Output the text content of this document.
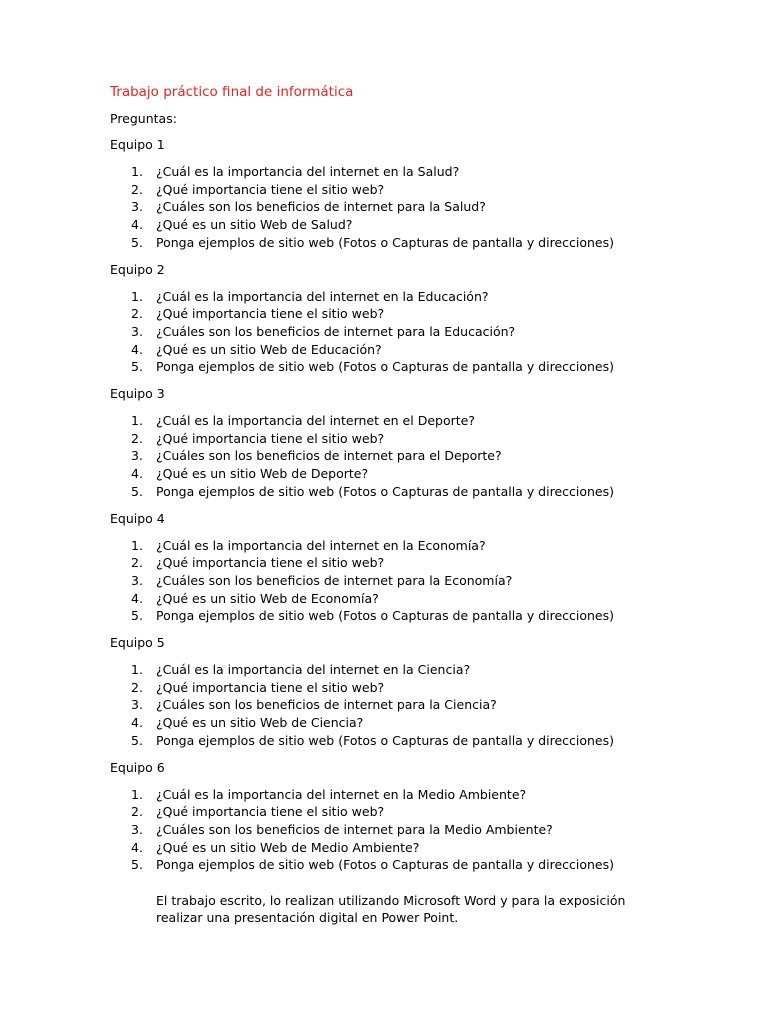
Trabajo práctico final de informática
Preguntas:
Equipo 1
1.	¿Cuál es la importancia del internet en la Salud?
2.	¿Qué importancia tiene el sitio web?
3.	¿Cuáles son los beneficios de internet para la Salud?
4.	¿Qué es un sitio Web de Salud?
5.	Ponga ejemplos de sitio web (Fotos o Capturas de pantalla y direcciones)
Equipo 2
1.	¿Cuál es la importancia del internet en la Educación?
2.	¿Qué importancia tiene el sitio web?
3.	¿Cuáles son los beneficios de internet para la Educación?
4.	¿Qué es un sitio Web de Educación?
5.	Ponga ejemplos de sitio web (Fotos o Capturas de pantalla y direcciones)
Equipo 3
1.	¿Cuál es la importancia del internet en el Deporte?
2.	¿Qué importancia tiene el sitio web?
3.	¿Cuáles son los beneficios de internet para el Deporte?
4.	¿Qué es un sitio Web de Deporte?
5.	Ponga ejemplos de sitio web (Fotos o Capturas de pantalla y direcciones)
Equipo 4
1.	¿Cuál es la importancia del internet en la Economía?
2.	¿Qué importancia tiene el sitio web?
3.	¿Cuáles son los beneficios de internet para la Economía?
4.	¿Qué es un sitio Web de Economía?
5.	Ponga ejemplos de sitio web (Fotos o Capturas de pantalla y direcciones)
Equipo 5
1.	¿Cuál es la importancia del internet en la Ciencia?
2.	¿Qué importancia tiene el sitio web?
3.	¿Cuáles son los beneficios de internet para la Ciencia?
4.	¿Qué es un sitio Web de Ciencia?
5.	Ponga ejemplos de sitio web (Fotos o Capturas de pantalla y direcciones)
Equipo 6
1.	¿Cuál es la importancia del internet en la Medio Ambiente?
2.	¿Qué importancia tiene el sitio web?
3.	¿Cuáles son los beneficios de internet para la Medio Ambiente?
4.	¿Qué es un sitio Web de Medio Ambiente?
5.	Ponga ejemplos de sitio web (Fotos o Capturas de pantalla y direcciones)
El trabajo escrito, lo realizan utilizando Microsoft Word y para la exposición realizar una presentación digital en Power Point.
